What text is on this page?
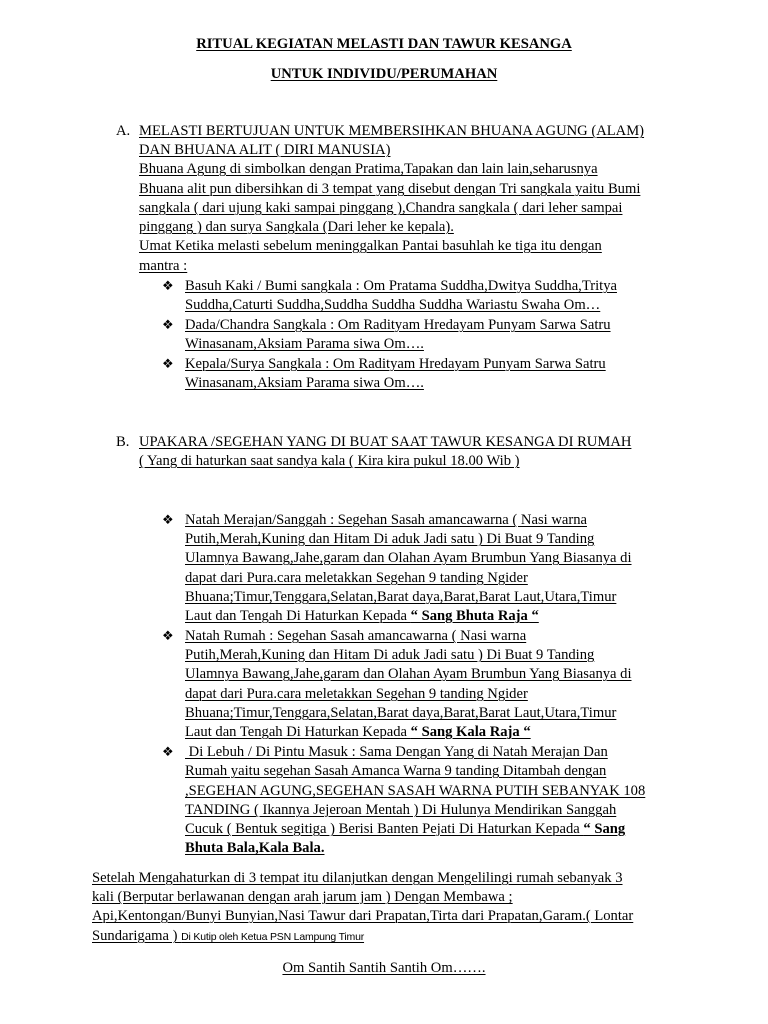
RITUAL KEGIATAN MELASTI DAN TAWUR KESANGA
UNTUK INDIVIDU/PERUMAHAN
A. MELASTI BERTUJUAN UNTUK MEMBERSIHKAN BHUANA AGUNG (ALAM)
DAN BHUANA ALIT ( DIRI MANUSIA)
Bhuana Agung di simbolkan dengan Pratima,Tapakan dan lain lain,seharusnya
Bhuana alit pun dibersihkan di 3 tempat yang disebut dengan Tri sangkala yaitu Bumi
sangkala ( dari ujung kaki sampai pinggang ),Chandra sangkala ( dari leher sampai
pinggang ) dan surya Sangkala (Dari leher ke kepala).
Umat Ketika melasti sebelum meninggalkan Pantai basuhlah ke tiga itu dengan
mantra :
❖ Basuh Kaki / Bumi sangkala : Om Pratama Suddha,Dwitya Suddha,Tritya
Suddha,Caturti Suddha,Suddha Suddha Suddha Wariastu Swaha Om…
❖ Dada/Chandra Sangkala : Om Radityam Hredayam Punyam Sarwa Satru
Winasanam,Aksiam Parama siwa Om….
❖ Kepala/Surya Sangkala : Om Radityam Hredayam Punyam Sarwa Satru
Winasanam,Aksiam Parama siwa Om….
B. UPAKARA /SEGEHAN YANG DI BUAT SAAT TAWUR KESANGA DI RUMAH
( Yang di haturkan saat sandya kala ( Kira kira pukul 18.00 Wib )
❖ Natah Merajan/Sanggah : Segehan Sasah amancawarna ( Nasi warna
Putih,Merah,Kuning dan Hitam Di aduk Jadi satu ) Di Buat 9 Tanding
Ulamnya Bawang,Jahe,garam dan Olahan Ayam Brumbun Yang Biasanya di
dapat dari Pura.cara meletakkan Segehan 9 tanding Ngider
Bhuana;Timur,Tenggara,Selatan,Barat daya,Barat,Barat Laut,Utara,Timur
Laut dan Tengah Di Haturkan Kepada “ Sang Bhuta Raja “
❖ Natah Rumah : Segehan Sasah amancawarna ( Nasi warna
Putih,Merah,Kuning dan Hitam Di aduk Jadi satu ) Di Buat 9 Tanding
Ulamnya Bawang,Jahe,garam dan Olahan Ayam Brumbun Yang Biasanya di
dapat dari Pura.cara meletakkan Segehan 9 tanding Ngider
Bhuana;Timur,Tenggara,Selatan,Barat daya,Barat,Barat Laut,Utara,Timur
Laut dan Tengah Di Haturkan Kepada “ Sang Kala Raja “
❖ Di Lebuh / Di Pintu Masuk : Sama Dengan Yang di Natah Merajan Dan
Rumah yaitu segehan Sasah Amanca Warna 9 tanding Ditambah dengan
,SEGEHAN AGUNG,SEGEHAN SASAH WARNA PUTIH SEBANYAK 108
TANDING ( Ikannya Jejeroan Mentah ) Di Hulunya Mendirikan Sanggah
Cucuk ( Bentuk segitiga ) Berisi Banten Pejati Di Haturkan Kepada “ Sang
Bhuta Bala,Kala Bala.
Setelah Mengahaturkan di 3 tempat itu dilanjutkan dengan Mengelilingi rumah sebanyak 3
kali (Berputar berlawanan dengan arah jarum jam ) Dengan Membawa ;
Api,Kentongan/Bunyi Bunyian,Nasi Tawur dari Prapatan,Tirta dari Prapatan,Garam.( Lontar
Sundarigama ) Di Kutip oleh Ketua PSN Lampung Timur
Om Santih Santih Santih Om…….
